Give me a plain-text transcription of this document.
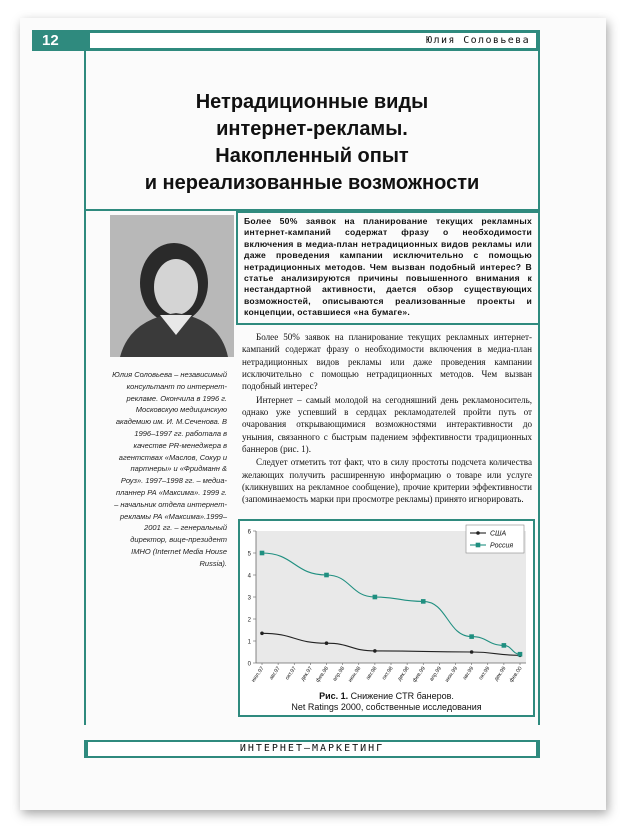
12	Юлия Соловьева
Нетрадиционные виды
интернет-рекламы.
Накопленный опыт
и нереализованные возможности
Более 50% заявок на планирование текущих рекламных интернет-кампаний содержат фразу о необходимости включения в медиа-план нетрадиционных видов рекламы или даже проведения кампании исключительно с помощью нетрадиционных методов. Чем вызван подобный интерес? В статье анализируются причины повышенного внимания к нестандартной активности, дается обзор существующих возможностей, описываются реализованные проекты и концепции, оставшиеся «на бумаге».
Юлия Соловьева – независимый консультант по интернет-рекламе. Окончила в 1996 г. Московскую медицинскую академию им. И. М.Сеченова. В 1996–1997 гг. работала в качестве PR-менеджера в агентствах «Маслов, Сокур и партнеры» и «Фридманн & Роуз». 1997–1998 гг. – медиа-планнер РА «Максима». 1999 г. – начальник отдела интернет-рекламы РА «Максима».1999–2001 гг. – генеральный директор, вице-президент IMHO (Internet Media House Russia).

Более 50% заявок на планирование текущих рекламных интернет-кампаний содержат фразу о необходимости включения в медиа-план нетрадиционных видов рекламы или даже проведения кампании исключительно с помощью нетрадиционных методов. Чем вызван подобный интерес?

Интернет – самый молодой на сегодняшний день рекламоноситель, однако уже успевший в сердцах рекламодателей пройти путь от очарования открывающимися возможностями интерактивности до уныния, связанного с быстрым падением эффективности традиционных баннеров (рис. 1).

Следует отметить тот факт, что в силу простоты подсчета количества желающих получить расширенную информацию о товаре или услуге (кликнувших на рекламное сообщение), прочие критерии эффективности (запоминаемость марки при просмотре рекламы) принято игнорировать.

0
1
2
3
4
5
6
июл.97 авг.97 окт.97 дек.97 фев.98 апр.98 июн.98 авг.98 окт.98 дек.98 фев.99 апр.99 июн.99 авг.99 окт.99 дек.99 фев.00
США
Россия
Рис. 1. Снижение CTR банеров.
Net Ratings 2000, собственные исследования
ИНТЕРНЕТ–МАРКЕТИНГ
